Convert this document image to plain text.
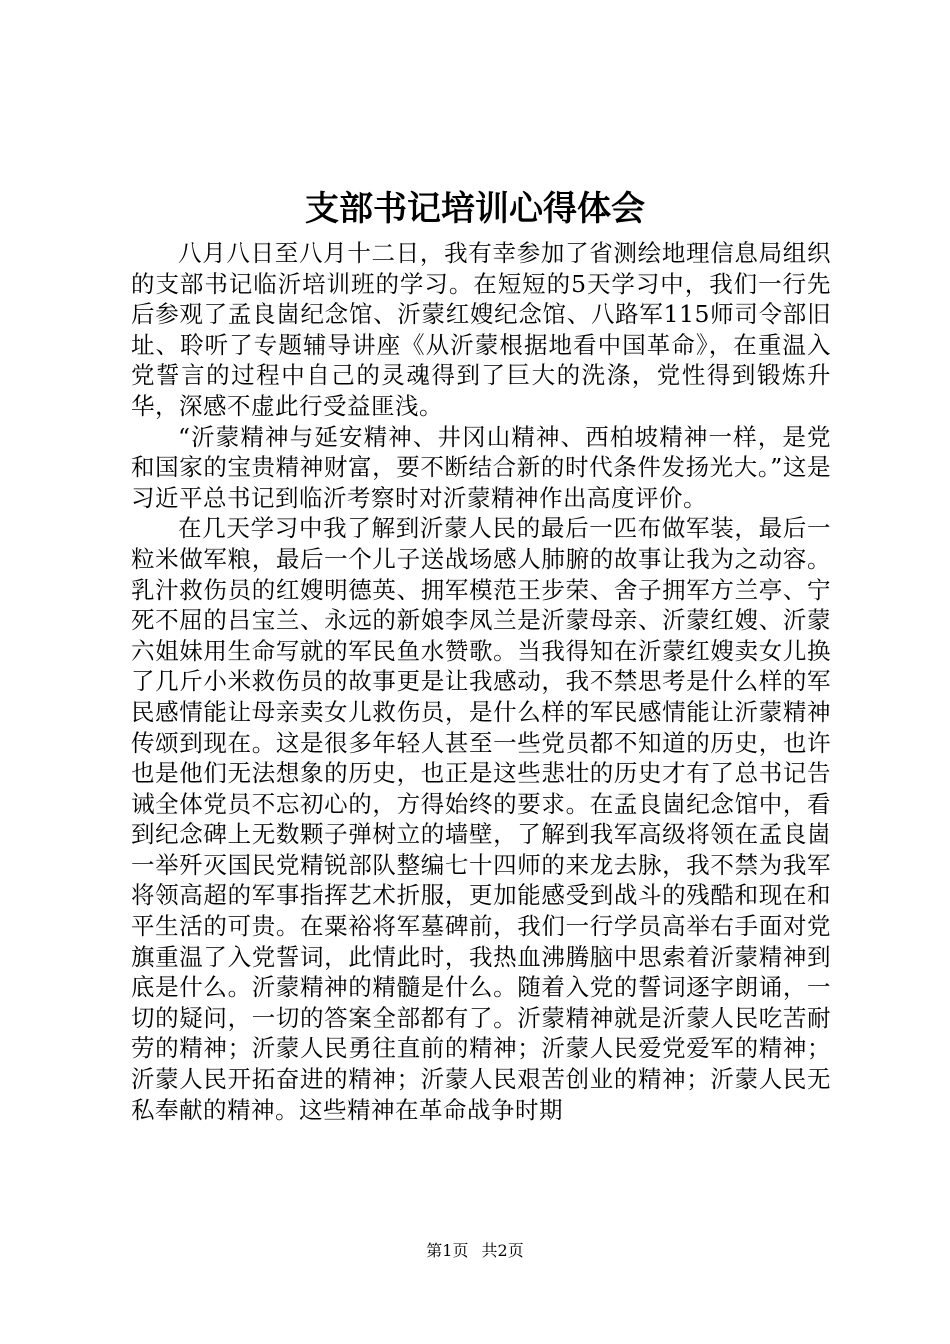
支部书记培训心得体会

八月八日至八月十二日，我有幸参加了省测绘地理信息局组织的支部书记临沂培训班的学习。在短短的5天学习中，我们一行先后参观了孟良崮纪念馆、沂蒙红嫂纪念馆、八路军115师司令部旧址、聆听了专题辅导讲座《从沂蒙根据地看中国革命》，在重温入党誓言的过程中自己的灵魂得到了巨大的洗涤，党性得到锻炼升华，深感不虚此行受益匪浅。

“沂蒙精神与延安精神、井冈山精神、西柏坡精神一样，是党和国家的宝贵精神财富，要不断结合新的时代条件发扬光大。”这是习近平总书记到临沂考察时对沂蒙精神作出高度评价。

在几天学习中我了解到沂蒙人民的最后一匹布做军装，最后一粒米做军粮，最后一个儿子送战场感人肺腑的故事让我为之动容。乳汁救伤员的红嫂明德英、拥军模范王步荣、舍子拥军方兰亭、宁死不屈的吕宝兰、永远的新娘李凤兰是沂蒙母亲、沂蒙红嫂、沂蒙六姐妹用生命写就的军民鱼水赞歌。当我得知在沂蒙红嫂卖女儿换了几斤小米救伤员的故事更是让我感动，我不禁思考是什么样的军民感情能让母亲卖女儿救伤员，是什么样的军民感情能让沂蒙精神传颂到现在。这是很多年轻人甚至一些党员都不知道的历史，也许也是他们无法想象的历史，也正是这些悲壮的历史才有了总书记告诫全体党员不忘初心的，方得始终的要求。在孟良崮纪念馆中，看到纪念碑上无数颗子弹树立的墙壁，了解到我军高级将领在孟良崮一举歼灭国民党精锐部队整编七十四师的来龙去脉，我不禁为我军将领高超的军事指挥艺术折服，更加能感受到战斗的残酷和现在和平生活的可贵。在粟裕将军墓碑前，我们一行学员高举右手面对党旗重温了入党誓词，此情此时，我热血沸腾脑中思索着沂蒙精神到底是什么。沂蒙精神的精髓是什么。随着入党的誓词逐字朗诵，一切的疑问，一切的答案全部都有了。沂蒙精神就是沂蒙人民吃苦耐劳的精神；沂蒙人民勇往直前的精神；沂蒙人民爱党爱军的精神；沂蒙人民开拓奋进的精神；沂蒙人民艰苦创业的精神；沂蒙人民无私奉献的精神。这些精神在革命战争时期

第1页 共2页
